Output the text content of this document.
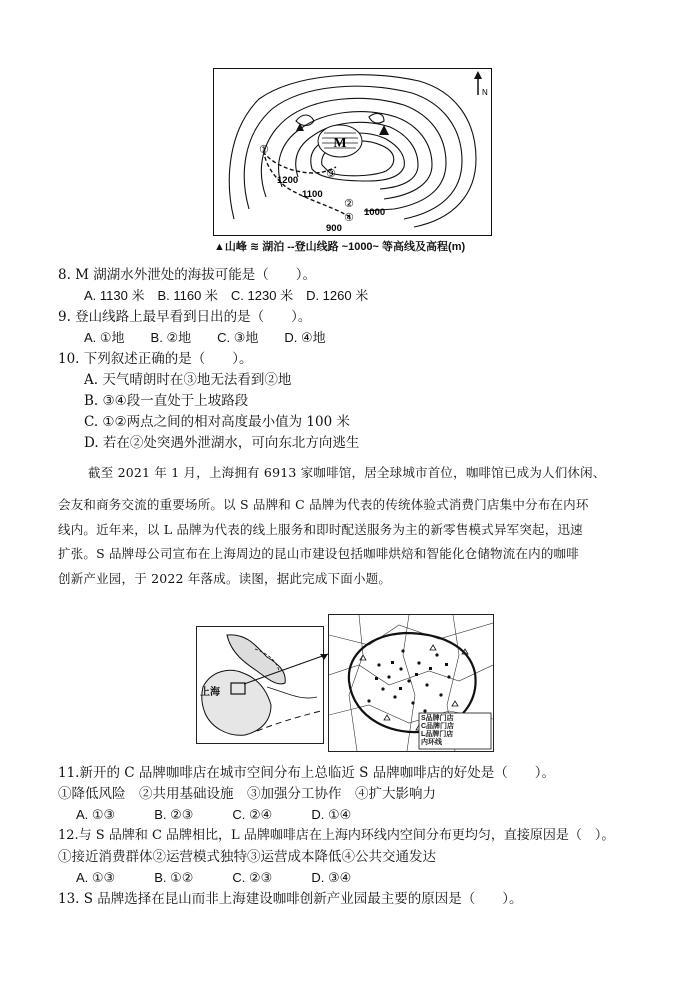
M
①
③
②
④
1200
1100
1000
900
N
▲山峰 ≋ 湖泊 --登山线路 ~1000~ 等高线及高程(m)
8. M 湖湖水外泄处的海拔可能是（　　）。
A. 1130 米　B. 1160 米　C. 1230 米　D. 1260 米
9. 登山线路上最早看到日出的是（　　）。
A. ①地　　B. ②地　　C. ③地　　D. ④地
10. 下列叙述正确的是（　　）。
A. 天气晴朗时在③地无法看到②地
B. ③④段一直处于上坡路段
C. ①②两点之间的相对高度最小值为 100 米
D. 若在②处突遇外泄湖水，可向东北方向逃生
截至 2021 年 1 月，上海拥有 6913 家咖啡馆，居全球城市首位，咖啡馆已成为人们休闲、
会友和商务交流的重要场所。以 S 品牌和 C 品牌为代表的传统体验式消费门店集中分布在内环
线内。近年来，以 L 品牌为代表的线上服务和即时配送服务为主的新零售模式异军突起，迅速
扩张。S 品牌母公司宣布在上海周边的昆山市建设包括咖啡烘焙和智能化仓储物流在内的咖啡
创新产业园，于 2022 年落成。读图，据此完成下面小题。
上海
S品牌门店
C品牌门店
L品牌门店
内环线
11.新开的 C 品牌咖啡店在城市空间分布上总临近 S 品牌咖啡店的好处是（　　）。
①降低风险　②共用基础设施　③加强分工协作　④扩大影响力
A. ①③　　　B. ②③　　　C. ②④　　　D. ①④
12.与 S 品牌和 C 品牌相比，L 品牌咖啡店在上海内环线内空间分布更均匀，直接原因是（　）。
①接近消费群体②运营模式独特③运营成本降低④公共交通发达
A. ①③　　　B. ①②　　　C. ②③　　　D. ③④
13. S 品牌选择在昆山而非上海建设咖啡创新产业园最主要的原因是（　　）。
